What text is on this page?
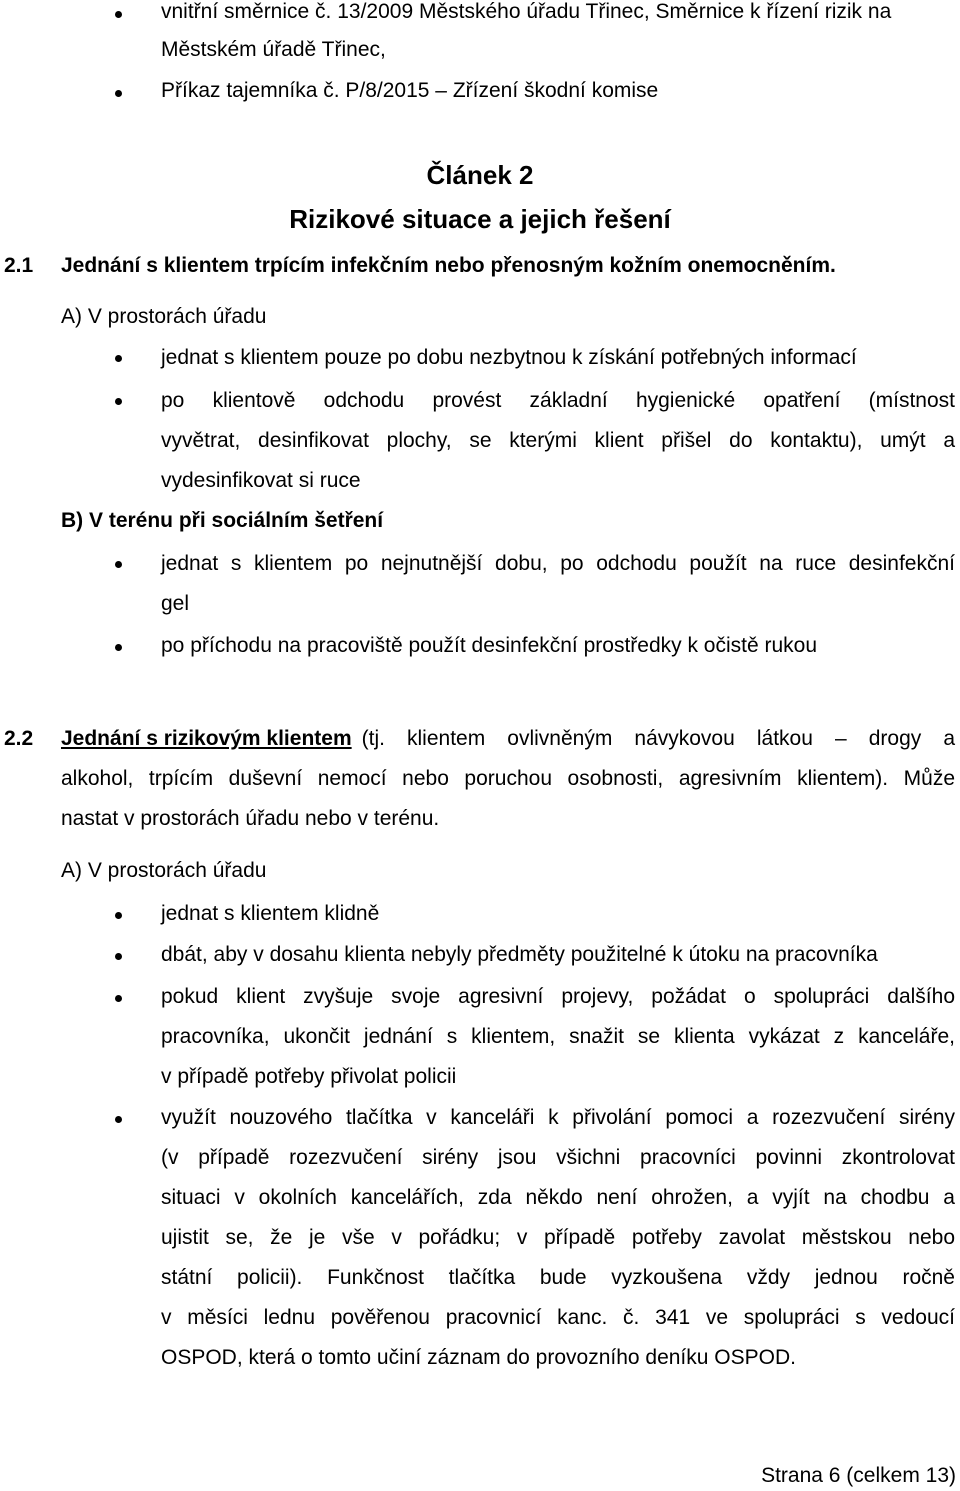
vnitřní směrnice č. 13/2009 Městského úřadu Třinec, Směrnice k řízení rizik na
Městském úřadě Třinec,
Příkaz tajemníka č. P/8/2015 – Zřízení škodní komise
Článek 2
Rizikové situace a jejich řešení
2.1 Jednání s klientem trpícím infekčním nebo přenosným kožním onemocněním.
A) V prostorách úřadu
jednat s klientem pouze po dobu nezbytnou k získání potřebných informací
po klientově odchodu provést základní hygienické opatření (místnost
vyvětrat, desinfikovat plochy, se kterými klient přišel do kontaktu), umýt a
vydesinfikovat si ruce
B) V terénu při sociálním šetření
jednat s klientem po nejnutnější dobu, po odchodu použít na ruce desinfekční
gel
po příchodu na pracoviště použít desinfekční prostředky k očistě rukou
2.2 Jednání s rizikovým klientem (tj. klientem ovlivněným návykovou látkou – drogy a
alkohol, trpícím duševní nemocí nebo poruchou osobnosti, agresivním klientem). Může
nastat v prostorách úřadu nebo v terénu.
A) V prostorách úřadu
jednat s klientem klidně
dbát, aby v dosahu klienta nebyly předměty použitelné k útoku na pracovníka
pokud klient zvyšuje svoje agresivní projevy, požádat o spolupráci dalšího
pracovníka, ukončit jednání s klientem, snažit se klienta vykázat z kanceláře,
v případě potřeby přivolat policii
využít nouzového tlačítka v kanceláři k přivolání pomoci a rozezvučení sirény
(v případě rozezvučení sirény jsou všichni pracovníci povinni zkontrolovat
situaci v okolních kancelářích, zda někdo není ohrožen, a vyjít na chodbu a
ujistit se, že je vše v pořádku; v případě potřeby zavolat městskou nebo
státní policii). Funkčnost tlačítka bude vyzkoušena vždy jednou ročně
v měsíci lednu pověřenou pracovnicí kanc. č. 341 ve spolupráci s vedoucí
OSPOD, která o tomto učiní záznam do provozního deníku OSPOD.
Strana 6 (celkem 13)
